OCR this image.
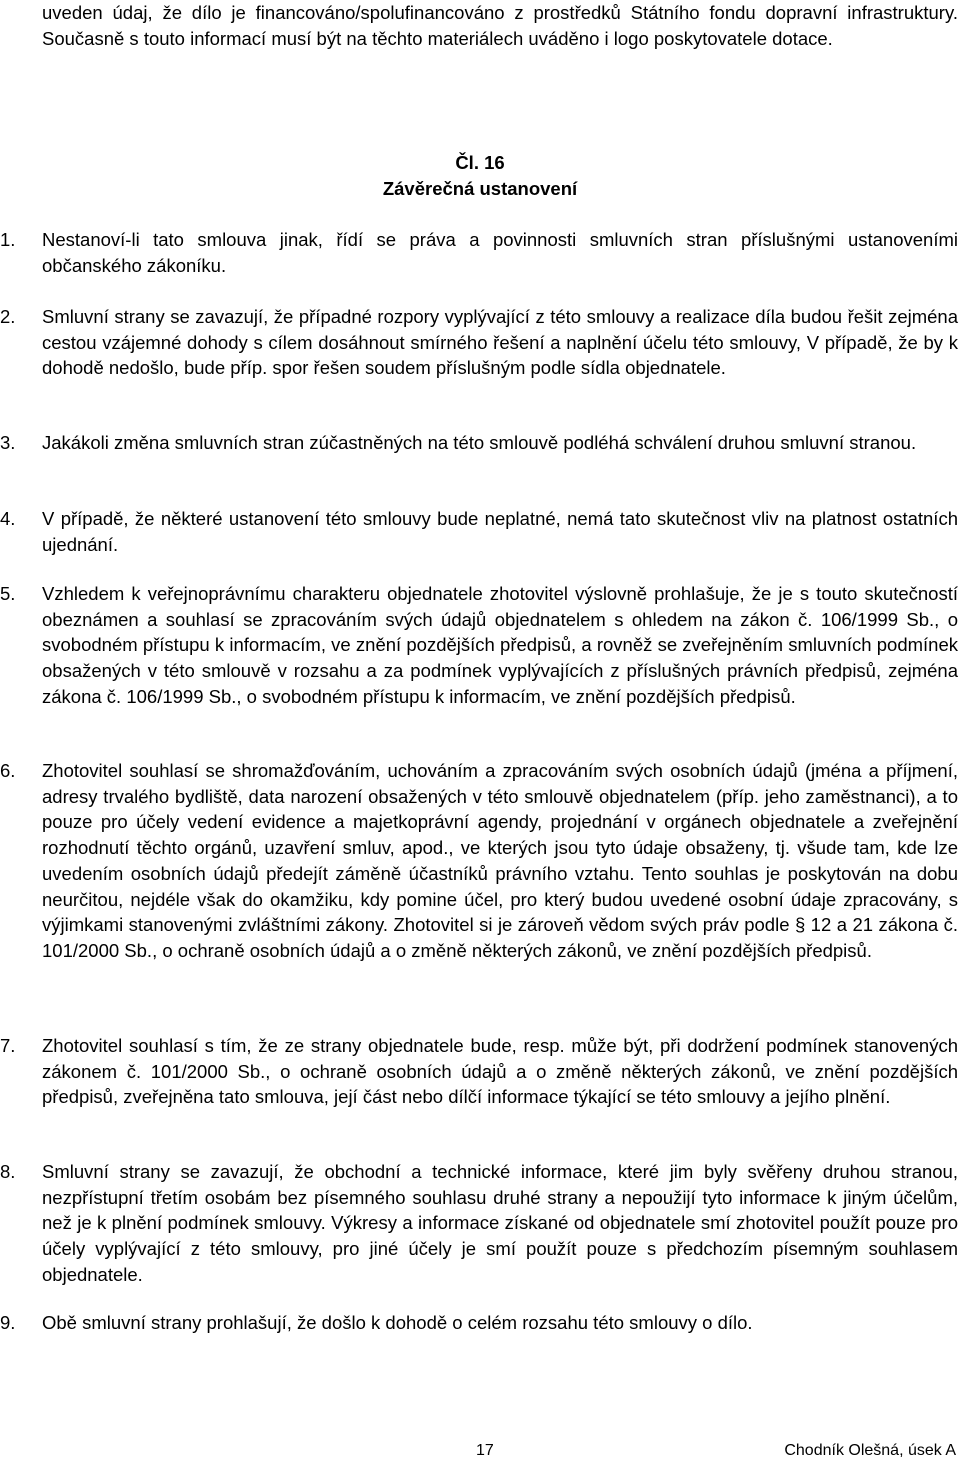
uveden údaj, že dílo je financováno/spolufinancováno z prostředků Státního fondu dopravní infrastruktury. Současně s touto informací musí být na těchto materiálech uváděno i logo poskytovatele dotace.
Čl. 16
Závěrečná ustanovení
1.	Nestanoví-li tato smlouva jinak, řídí se práva a povinnosti smluvních stran příslušnými ustanoveními občanského zákoníku.
2.	Smluvní strany se zavazují, že případné rozpory vyplývající z této smlouvy a realizace díla budou řešit zejména cestou vzájemné dohody s cílem dosáhnout smírného řešení a naplnění účelu této smlouvy, V případě, že by k dohodě nedošlo, bude příp. spor řešen soudem příslušným podle sídla objednatele.
3.	Jakákoli změna smluvních stran zúčastněných na této smlouvě podléhá schválení druhou smluvní stranou.
4.	V případě, že některé ustanovení této smlouvy bude neplatné, nemá tato skutečnost vliv na platnost ostatních ujednání.
5.	Vzhledem k veřejnoprávnímu charakteru objednatele zhotovitel výslovně prohlašuje, že je s touto skutečností obeznámen a souhlasí se zpracováním svých údajů objednatelem s ohledem na zákon č. 106/1999 Sb., o svobodném přístupu k informacím, ve znění pozdějších předpisů, a rovněž se zveřejněním smluvních podmínek obsažených v této smlouvě v rozsahu a za podmínek vyplývajících z příslušných právních předpisů, zejména zákona č. 106/1999 Sb., o svobodném přístupu k informacím, ve znění pozdějších předpisů.
6.	Zhotovitel souhlasí se shromažďováním, uchováním a zpracováním svých osobních údajů (jména a příjmení, adresy trvalého bydliště, data narození obsažených v této smlouvě objednatelem (příp. jeho zaměstnanci), a to pouze pro účely vedení evidence a majetkoprávní agendy, projednání v orgánech objednatele a zveřejnění rozhodnutí těchto orgánů, uzavření smluv, apod., ve kterých jsou tyto údaje obsaženy, tj. všude tam, kde lze uvedením osobních údajů předejít záměně účastníků právního vztahu. Tento souhlas je poskytován na dobu neurčitou, nejdéle však do okamžiku, kdy pomine účel, pro který budou uvedené osobní údaje zpracovány, s výjimkami stanovenými zvláštními zákony. Zhotovitel si je zároveň vědom svých práv podle § 12 a 21 zákona č. 101/2000 Sb., o ochraně osobních údajů a o změně některých zákonů, ve znění pozdějších předpisů.
7.	Zhotovitel souhlasí s tím, že ze strany objednatele bude, resp. může být, při dodržení podmínek stanovených zákonem č. 101/2000 Sb., o ochraně osobních údajů a o změně některých zákonů, ve znění pozdějších předpisů, zveřejněna tato smlouva, její část nebo dílčí informace týkající se této smlouvy a jejího plnění.
8.	Smluvní strany se zavazují, že obchodní a technické informace, které jim byly svěřeny druhou stranou, nezpřístupní třetím osobám bez písemného souhlasu druhé strany a nepoužijí tyto informace k jiným účelům, než je k plnění podmínek smlouvy. Výkresy a informace získané od objednatele smí zhotovitel použít pouze pro účely vyplývající z této smlouvy, pro jiné účely je smí použít pouze s předchozím písemným souhlasem objednatele.
9.	Obě smluvní strany prohlašují, že došlo k dohodě o celém rozsahu této smlouvy o dílo.
17	Chodník Olešná, úsek A
